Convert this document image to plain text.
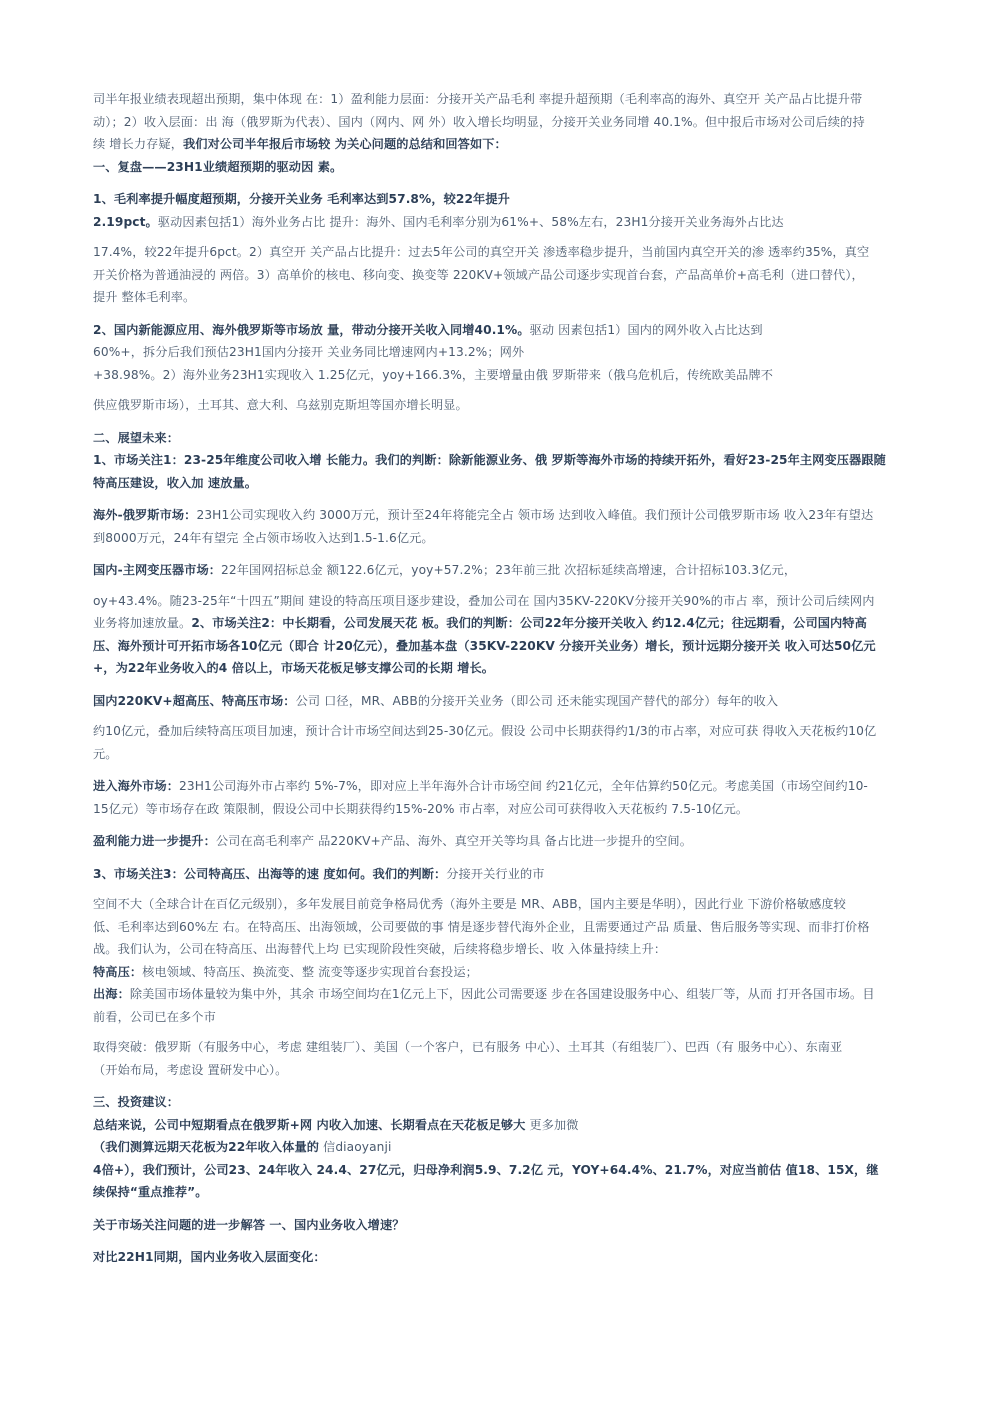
司半年报业绩表现超出预期，集中体现 在：1）盈利能力层面：分接开关产品毛利 率提升超预期（毛利率高的海外、真空开 关产品占比提升带

动）；2）收入层面：出 海（俄罗斯为代表）、国内（网内、网 外）收入增长均明显，分接开关业务同增 40.1%。但中报后市场对公司后续的持

续 增长力存疑，我们对公司半年报后市场较 为关心问题的总结和回答如下：

一、复盘——23H1业绩超预期的驱动因 素。

1、毛利率提升幅度超预期，分接开关业务 毛利率达到57.8%，较22年提升

2.19pct。驱动因素包括1）海外业务占比 提升：海外、国内毛利率分别为61%+、58%左右，23H1分接开关业务海外占比达

17.4%，较22年提升6pct。2）真空开 关产品占比提升：过去5年公司的真空开关 渗透率稳步提升，当前国内真空开关的渗 透率约35%，真空

开关价格为普通油浸的 两倍。3）高单价的核电、移向变、换变等 220KV+领域产品公司逐步实现首台套，产品高单价+高毛利（进口替代），

提升 整体毛利率。

2、国内新能源应用、海外俄罗斯等市场放 量，带动分接开关收入同增40.1%。驱动 因素包括1）国内的网外收入占比达到

60%+，拆分后我们预估23H1国内分接开 关业务同比增速网内+13.2%；网外

+38.98%。2）海外业务23H1实现收入 1.25亿元，yoy+166.3%，主要增量由俄 罗斯带来（俄乌危机后，传统欧美品牌不

供应俄罗斯市场），土耳其、意大利、乌兹别克斯坦等国亦增长明显。

二、展望未来：

1、市场关注1：23-25年维度公司收入增 长能力。我们的判断：除新能源业务、俄 罗斯等海外市场的持续开拓外，看好23-25年主网变压器跟随

特高压建设，收入加 速放量。

海外-俄罗斯市场：23H1公司实现收入约 3000万元，预计至24年将能完全占 领市场 达到收入峰值。我们预计公司俄罗斯市场 收入23年有望达

到8000万元，24年有望完 全占领市场收入达到1.5-1.6亿元。

国内-主网变压器市场：22年国网招标总金 额122.6亿元，yoy+57.2%；23年前三批 次招标延续高增速，合计招标103.3亿元，

oy+43.4%。随23-25年“十四五”期间 建设的特高压项目逐步建设，叠加公司在 国内35KV-220KV分接开关90%的市占 率，预计公司后续网内

业务将加速放量。2、市场关注2：中长期看，公司发展天花 板。我们的判断：公司22年分接开关收入 约12.4亿元；往远期看，公司国内特高

压、海外预计可开拓市场各10亿元（即合 计20亿元），叠加基本盘（35KV-220KV 分接开关业务）增长，预计远期分接开关 收入可达50亿元

+，为22年业务收入的4 倍以上，市场天花板足够支撑公司的长期 增长。

国内220KV+超高压、特高压市场：公司 口径，MR、ABB的分接开关业务（即公司 还未能实现国产替代的部分）每年的收入

约10亿元，叠加后续特高压项目加速，预计合计市场空间达到25-30亿元。假设 公司中长期获得约1/3的市占率，对应可获 得收入天花板约10亿

元。

进入海外市场：23H1公司海外市占率约 5%-7%，即对应上半年海外合计市场空间 约21亿元，全年估算约50亿元。考虑美国（市场空间约10-

15亿元）等市场存在政 策限制，假设公司中长期获得约15%-20% 市占率，对应公司可获得收入天花板约 7.5-10亿元。

盈利能力进一步提升：公司在高毛利率产 品220KV+产品、海外、真空开关等均具 备占比进一步提升的空间。

3、市场关注3：公司特高压、出海等的速 度如何。我们的判断：分接开关行业的市

空间不大（全球合计在百亿元级别），多年发展目前竞争格局优秀（海外主要是 MR、ABB，国内主要是华明），因此行业 下游价格敏感度较

低、毛利率达到60%左 右。在特高压、出海领域，公司要做的事 情是逐步替代海外企业，且需要通过产品 质量、售后服务等实现、而非打价格

战。我们认为，公司在特高压、出海替代上均 已实现阶段性突破，后续将稳步增长、收 入体量持续上升：

特高压：核电领域、特高压、换流变、整 流变等逐步实现首台套投运；

出海：除美国市场体量较为集中外，其余 市场空间均在1亿元上下，因此公司需要逐 步在各国建设服务中心、组装厂等，从而 打开各国市场。目

前看，公司已在多个市

取得突破：俄罗斯（有服务中心，考虑 建组装厂）、美国（一个客户，已有服务 中心）、土耳其（有组装厂）、巴西（有 服务中心）、东南亚

（开始布局，考虑设 置研发中心）。

三、投资建议：

总结来说，公司中短期看点在俄罗斯+网 内收入加速、长期看点在天花板足够大 更多加微

（我们测算远期天花板为22年收入体量的 信diaoyanji

4倍+），我们预计，公司23、24年收入 24.4、27亿元，归母净利润5.9、7.2亿 元，YOY+64.4%、21.7%，对应当前估 值18、15X，继

续保持“重点推荐”。

关于市场关注问题的进一步解答 一、国内业务收入增速？

对比22H1同期，国内业务收入层面变化：
